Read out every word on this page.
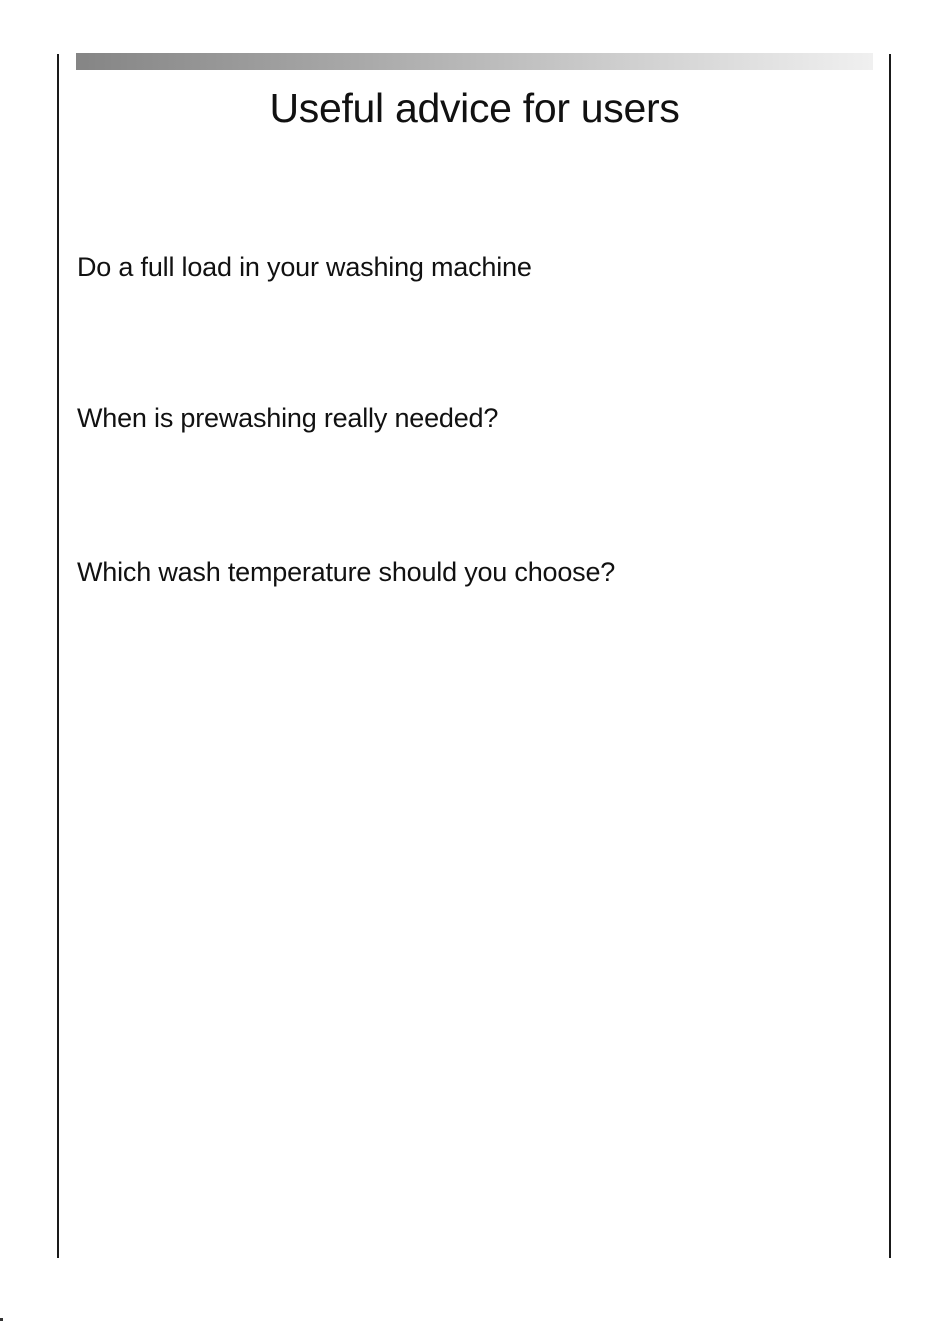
Useful advice for users
Do a full load in your washing machine
When is prewashing really needed?
Which wash temperature should you choose?
